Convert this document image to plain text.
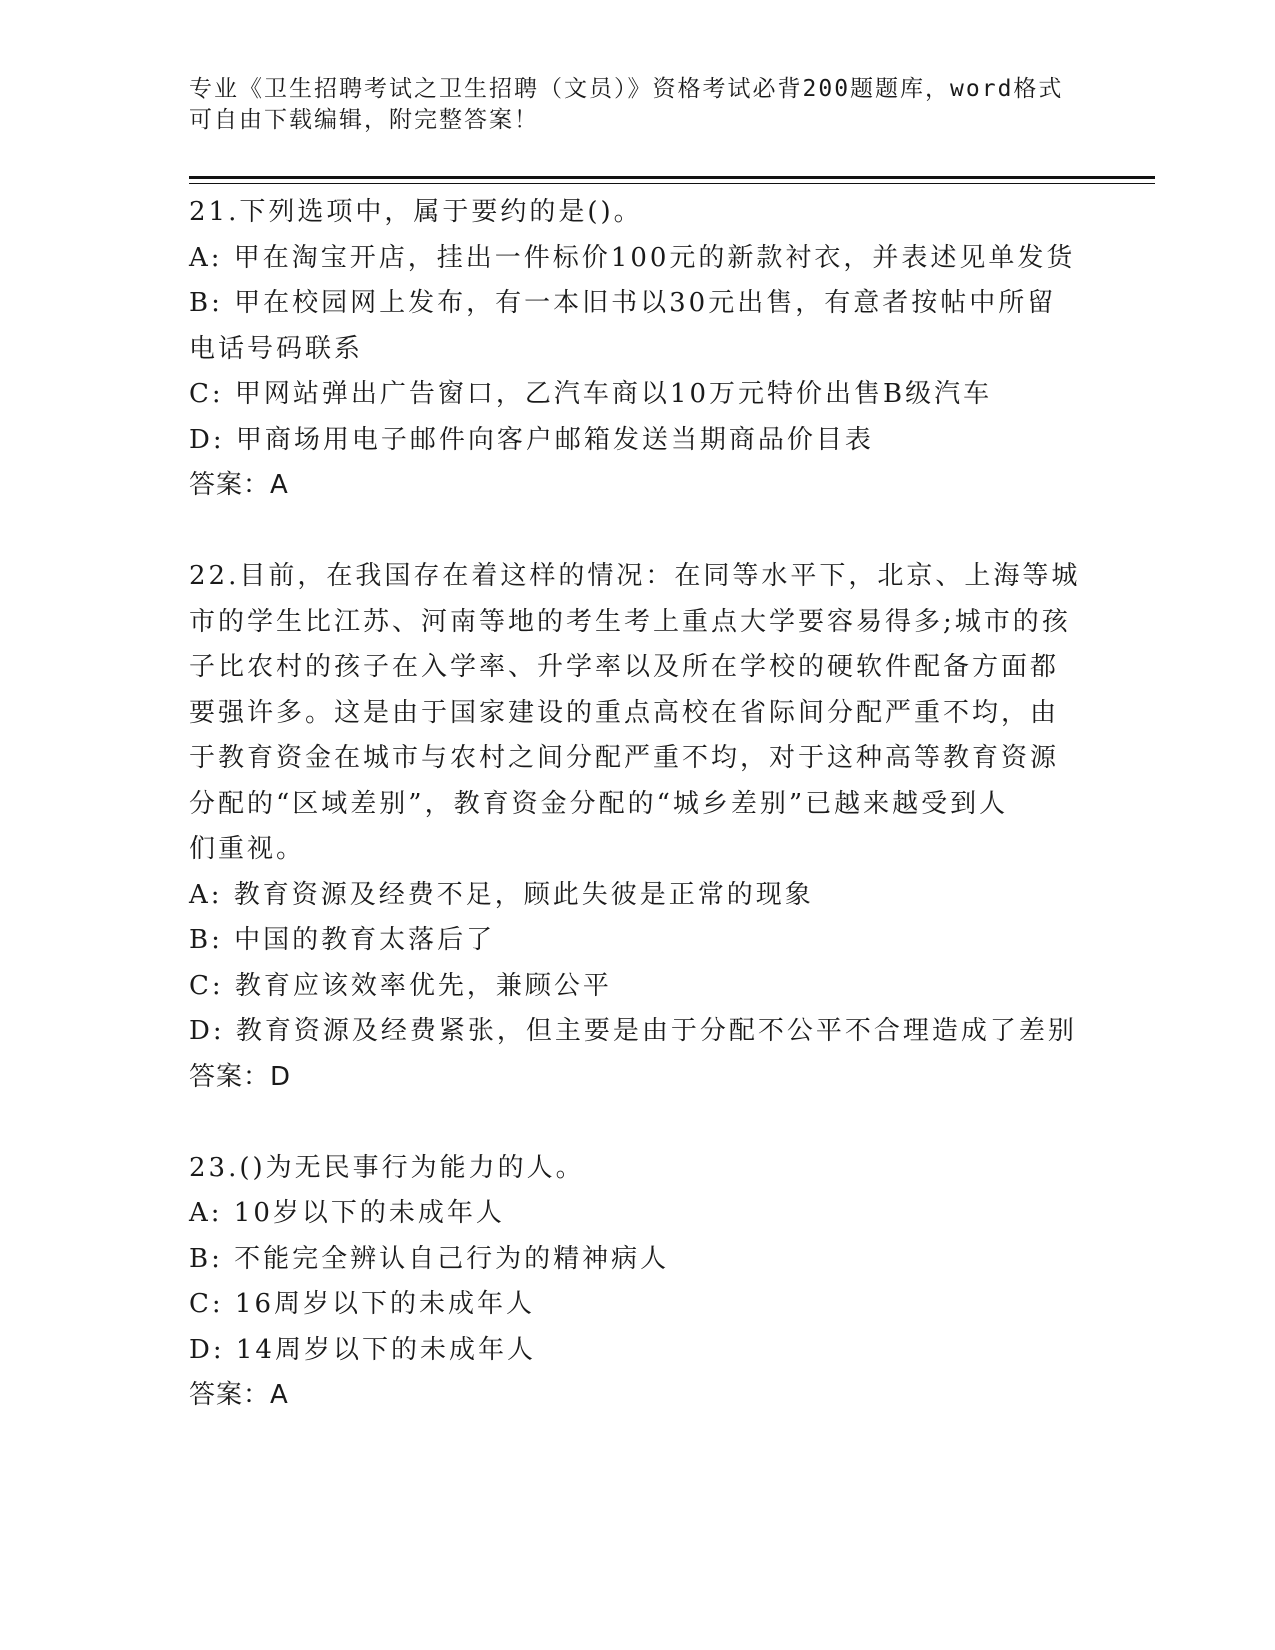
专业《卫生招聘考试之卫生招聘（文员）》资格考试必背200题题库，word格式
可自由下载编辑，附完整答案！
21.下列选项中，属于要约的是()。
A: 甲在淘宝开店，挂出一件标价100元的新款衬衣，并表述见单发货
B: 甲在校园网上发布，有一本旧书以30元出售，有意者按帖中所留
电话号码联系
C: 甲网站弹出广告窗口，乙汽车商以10万元特价出售B级汽车
D: 甲商场用电子邮件向客户邮箱发送当期商品价目表
答案：A
22.目前，在我国存在着这样的情况：在同等水平下，北京、上海等城
市的学生比江苏、河南等地的考生考上重点大学要容易得多;城市的孩
子比农村的孩子在入学率、升学率以及所在学校的硬软件配备方面都
要强许多。这是由于国家建设的重点高校在省际间分配严重不均，由
于教育资金在城市与农村之间分配严重不均，对于这种高等教育资源
分配的“区域差别”，教育资金分配的“城乡差别”已越来越受到人
们重视。
A: 教育资源及经费不足，顾此失彼是正常的现象
B: 中国的教育太落后了
C: 教育应该效率优先，兼顾公平
D: 教育资源及经费紧张，但主要是由于分配不公平不合理造成了差别
答案：D
23.()为无民事行为能力的人。
A: 10岁以下的未成年人
B: 不能完全辨认自己行为的精神病人
C: 16周岁以下的未成年人
D: 14周岁以下的未成年人
答案：A
